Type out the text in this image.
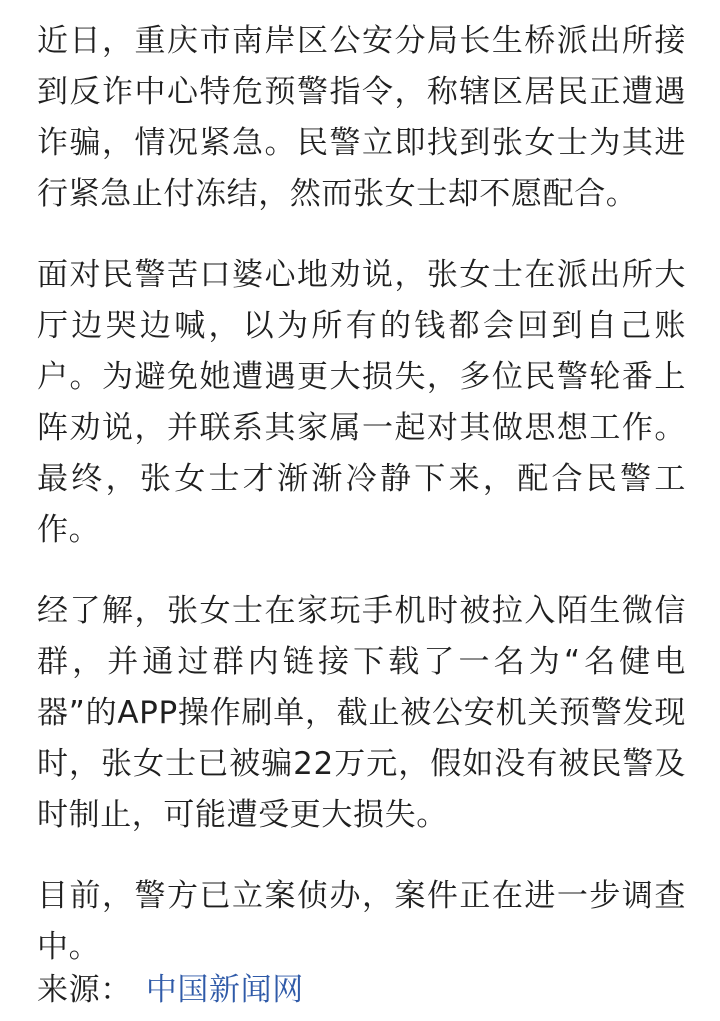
近日，重庆市南岸区公安分局长生桥派出所接到反诈中心特危预警指令，称辖区居民正遭遇诈骗，情况紧急。民警立即找到张女士为其进行紧急止付冻结，然而张女士却不愿配合。

面对民警苦口婆心地劝说，张女士在派出所大厅边哭边喊，以为所有的钱都会回到自己账户。为避免她遭遇更大损失，多位民警轮番上阵劝说，并联系其家属一起对其做思想工作。最终，张女士才渐渐冷静下来，配合民警工作。

经了解，张女士在家玩手机时被拉入陌生微信群，并通过群内链接下载了一名为“名健电器”的APP操作刷单，截止被公安机关预警发现时，张女士已被骗22万元，假如没有被民警及时制止，可能遭受更大损失。

目前，警方已立案侦办，案件正在进一步调查中。

来源： 中国新闻网
